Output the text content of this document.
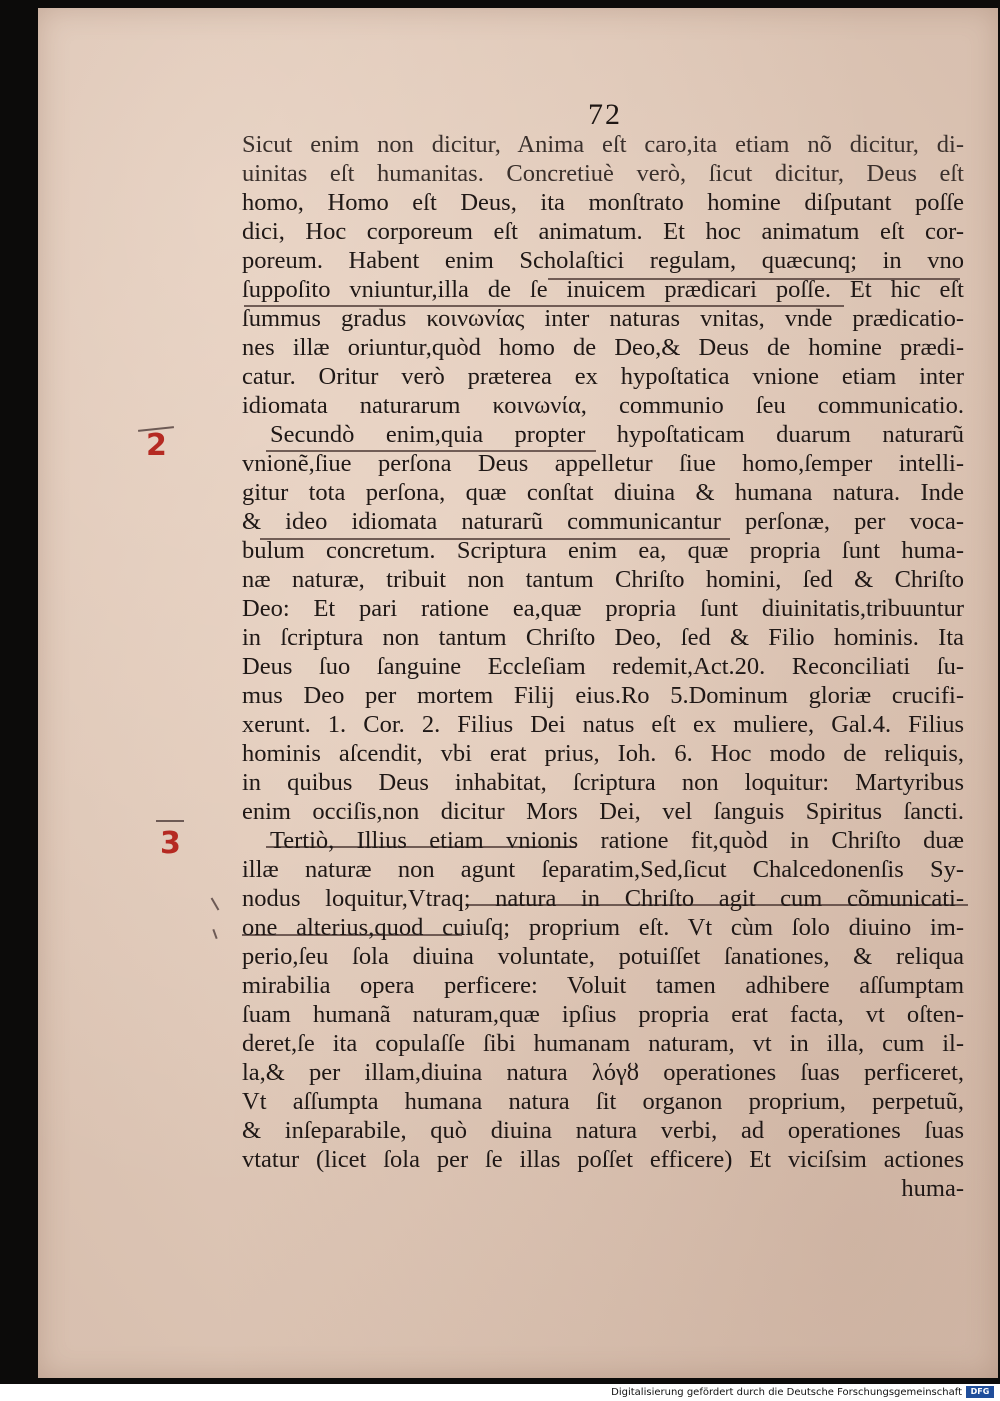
72
2
3
Sicut enim non dicitur, Anima eſt caro,ita etiam nõ dicitur, di-
uinitas eſt humanitas. Concretiuè verò, ſicut dicitur, Deus eſt
homo, Homo eſt Deus, ita monſtrato homine diſputant poſſe
dici, Hoc corporeum eſt animatum. Et hoc animatum eſt cor-
poreum. Habent enim Scholaſtici regulam, quæcunq; in vno
ſuppoſito vniuntur,illa de ſe inuicem prædicari poſſe. Et hic eſt
ſummus gradus κοινωνίας inter naturas vnitas, vnde prædicatio-
nes illæ oriuntur,quòd homo de Deo,& Deus de homine prædi-
catur. Oritur verò præterea ex hypoſtatica vnione etiam inter
idiomata naturarum κοινωνία, communio ſeu communicatio.
Secundò enim,quia propter hypoſtaticam duarum naturarũ
vnionẽ,ſiue perſona Deus appelletur ſiue homo,ſemper intelli-
gitur tota perſona, quæ conſtat diuina & humana natura. Inde
& ideo idiomata naturarũ communicantur perſonæ, per voca-
bulum concretum. Scriptura enim ea, quæ propria ſunt huma-
næ naturæ, tribuit non tantum Chriſto homini, ſed & Chriſto
Deo: Et pari ratione ea,quæ propria ſunt diuinitatis,tribuuntur
in ſcriptura non tantum Chriſto Deo, ſed & Filio hominis. Ita
Deus ſuo ſanguine Eccleſiam redemit,Act.20. Reconciliati ſu-
mus Deo per mortem Filij eius.Ro 5.Dominum gloriæ crucifi-
xerunt. 1. Cor. 2. Filius Dei natus eſt ex muliere, Gal.4. Filius
hominis aſcendit, vbi erat prius, Ioh. 6. Hoc modo de reliquis,
in quibus Deus inhabitat, ſcriptura non loquitur: Martyribus
enim occiſis,non dicitur Mors Dei, vel ſanguis Spiritus ſancti.
Tertiò, Illius etiam vnionis ratione fit,quòd in Chriſto duæ
illæ naturæ non agunt ſeparatim,Sed,ſicut Chalcedonenſis Sy-
nodus loquitur,Vtraq; natura in Chriſto agit cum cõmunicati-
one alterius,quod cuiuſq; proprium eſt. Vt cùm ſolo diuino im-
perio,ſeu ſola diuina voluntate, potuiſſet ſanationes, & reliqua
mirabilia opera perficere: Voluit tamen adhibere aſſumptam
ſuam humanã naturam,quæ ipſius propria erat facta, vt oſten-
deret,ſe ita copulaſſe ſibi humanam naturam, vt in illa, cum il-
la,& per illam,diuina natura λόγȣ operationes ſuas perficeret,
Vt aſſumpta humana natura ſit organon proprium, perpetuũ,
& inſeparabile, quò diuina natura verbi, ad operationes ſuas
vtatur (licet ſola per ſe illas poſſet efficere) Et viciſsim actiones
huma-
Digitalisierung gefördert durch die Deutsche Forschungsgemeinschaft	DFG
